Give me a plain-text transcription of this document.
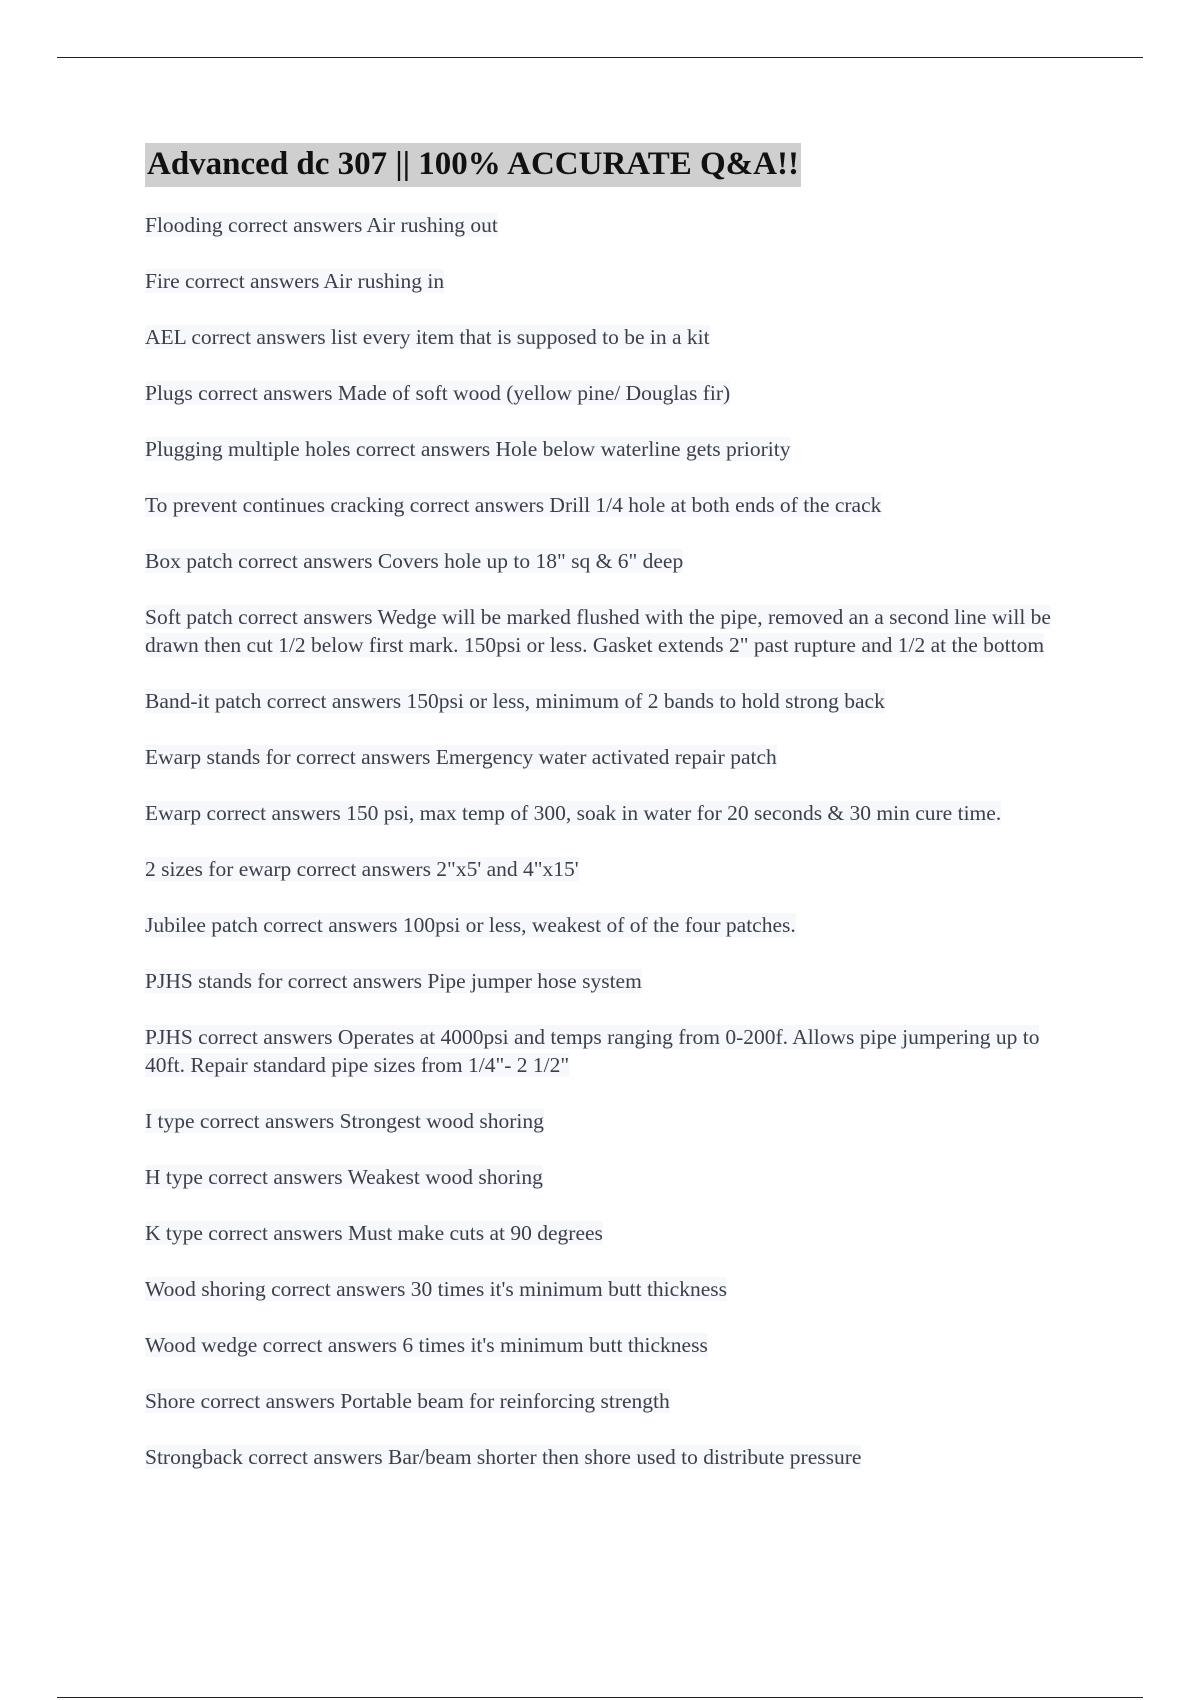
Advanced dc 307 || 100% ACCURATE Q&A!!
Flooding correct answers Air rushing out
Fire correct answers Air rushing in
AEL correct answers list every item that is supposed to be in a kit
Plugs correct answers Made of soft wood (yellow pine/ Douglas fir)
Plugging multiple holes correct answers Hole below waterline gets priority
To prevent continues cracking correct answers Drill 1/4 hole at both ends of the crack
Box patch correct answers Covers hole up to 18" sq & 6" deep
Soft patch correct answers Wedge will be marked flushed with the pipe, removed an a second line will be drawn then cut 1/2 below first mark. 150psi or less. Gasket extends 2" past rupture and 1/2 at the bottom
Band-it patch correct answers 150psi or less, minimum of 2 bands to hold strong back
Ewarp stands for correct answers Emergency water activated repair patch
Ewarp correct answers 150 psi, max temp of 300, soak in water for 20 seconds & 30 min cure time.
2 sizes for ewarp correct answers 2"x5' and 4"x15'
Jubilee patch correct answers 100psi or less, weakest of of the four patches.
PJHS stands for correct answers Pipe jumper hose system
PJHS correct answers Operates at 4000psi and temps ranging from 0-200f. Allows pipe jumpering up to 40ft. Repair standard pipe sizes from 1/4"- 2 1/2"
I type correct answers Strongest wood shoring
H type correct answers Weakest wood shoring
K type correct answers Must make cuts at 90 degrees
Wood shoring correct answers 30 times it's minimum butt thickness
Wood wedge correct answers 6 times it's minimum butt thickness
Shore correct answers Portable beam for reinforcing strength
Strongback correct answers Bar/beam shorter then shore used to distribute pressure
